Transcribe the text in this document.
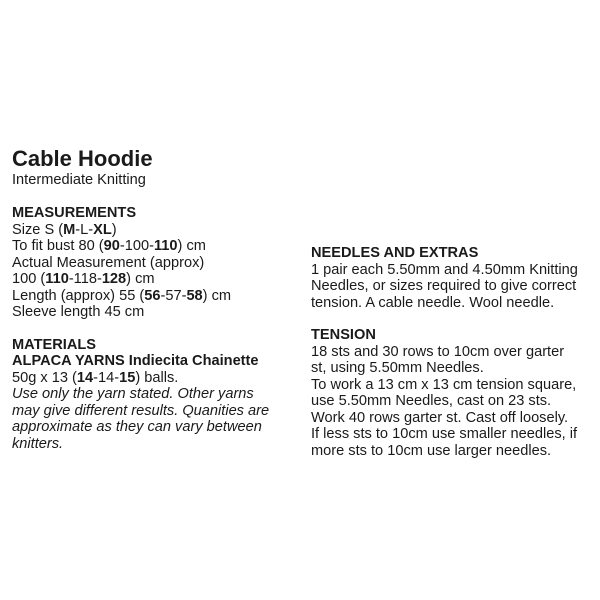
Cable Hoodie
Intermediate Knitting
MEASUREMENTS
Size S (M-L-XL)
To fit bust 80 (90-100-110) cm
Actual Measurement (approx)
100 (110-118-128) cm
Length (approx) 55 (56-57-58) cm
Sleeve length 45 cm
MATERIALS
ALPACA YARNS Indiecita Chainette
50g x 13 (14-14-15) balls.
Use only the yarn stated. Other yarns
may give different results. Quanities are
approximate as they can vary between
knitters.
NEEDLES AND EXTRAS
1 pair each 5.50mm and 4.50mm Knitting
Needles, or sizes required to give correct
tension. A cable needle. Wool needle.
TENSION
18 sts and 30 rows to 10cm over garter
st, using 5.50mm Needles.
To work a 13 cm x 13 cm tension square,
use 5.50mm Needles, cast on 23 sts.
Work 40 rows garter st. Cast off loosely.
If less sts to 10cm use smaller needles, if
more sts to 10cm use larger needles.
